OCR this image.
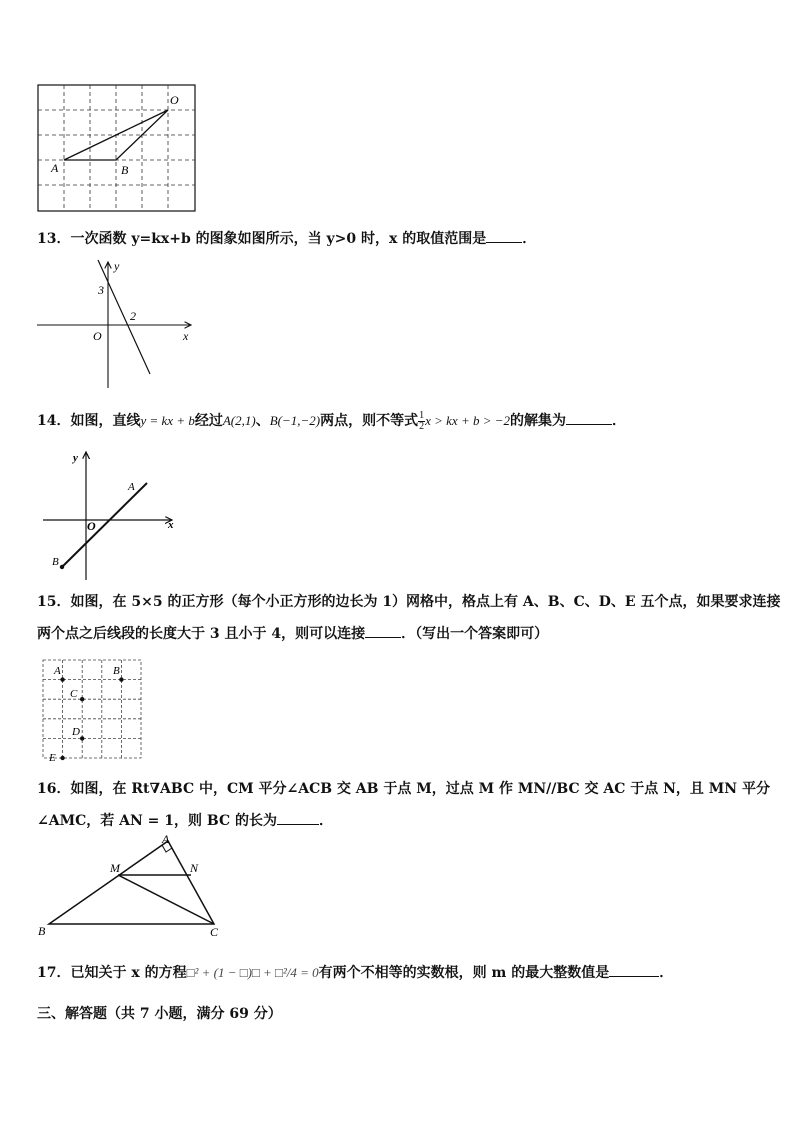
O
A	B
13．一次函数 y=kx+b 的图象如图所示，当 y>0 时，x 的取值范围是	．
y
x
O
3
2
14．如图，直线y = kx + b经过A(2,1)、B(−1,−2)两点，则不等式 $\frac{1}{2}$ x > kx + b > −2的解集为	．
y
x
O
A
B
15．如图，在 5×5 的正方形（每个小正方形的边长为 1）网格中，格点上有 A、B、C、D、E 五个点，如果要求连接
两个点之后线段的长度大于 3 且小于 4，则可以连接	．（写出一个答案即可）
A	B
C
D
E
16．如图，在 Rt∇ABC 中，CM 平分∠ACB 交 AB 于点 M，过点 M 作 MN//BC 交 AC 于点 N，且 MN 平分
∠AMC，若 AN = 1，则 BC 的长为	．
A
M	N
B	C
17．已知关于 x 的方程□² + (1 − □)□ + □²/4 = 0有两个不相等的实数根，则 m 的最大整数值是	．
三、解答题（共 7 小题，满分 69 分）
